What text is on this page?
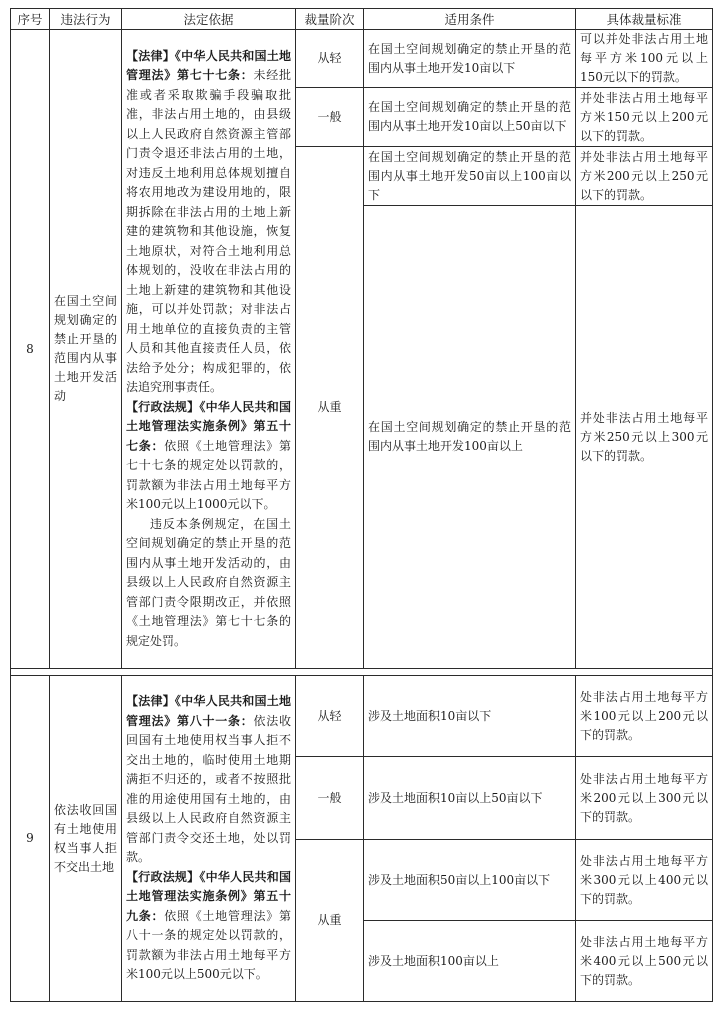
序号	违法行为	法定依据	裁量阶次	适用条件	具体裁量标准
8	在国土空间规划确定的禁止开垦的范围内从事土地开发活动	【法律】《中华人民共和国土地管理法》第七十七条：未经批准或者采取欺骗手段骗取批准，非法占用土地的，由县级以上人民政府自然资源主管部门责令退还非法占用的土地，对违反土地利用总体规划擅自将农用地改为建设用地的，限期拆除在非法占用的土地上新建的建筑物和其他设施，恢复土地原状，对符合土地利用总体规划的，没收在非法占用的土地上新建的建筑物和其他设施，可以并处罚款；对非法占用土地单位的直接负责的主管人员和其他直接责任人员，依法给予处分；构成犯罪的，依法追究刑事责任。
【行政法规】《中华人民共和国土地管理法实施条例》第五十七条：依照《土地管理法》第七十七条的规定处以罚款的，罚款额为非法占用土地每平方米100元以上1000元以下。
违反本条例规定，在国土空间规划确定的禁止开垦的范围内从事土地开发活动的，由县级以上人民政府自然资源主管部门责令限期改正，并依照《土地管理法》第七十七条的规定处罚。	从轻	在国土空间规划确定的禁止开垦的范围内从事土地开发10亩以下	可以并处非法占用土地每平方米100元以上150元以下的罚款。
			一般	在国土空间规划确定的禁止开垦的范围内从事土地开发10亩以上50亩以下	并处非法占用土地每平方米150元以上200元以下的罚款。
			从重	在国土空间规划确定的禁止开垦的范围内从事土地开发50亩以上100亩以下	并处非法占用土地每平方米200元以上250元以下的罚款。
				在国土空间规划确定的禁止开垦的范围内从事土地开发100亩以上	并处非法占用土地每平方米250元以上300元以下的罚款。

9	依法收回国有土地使用权当事人拒不交出土地	【法律】《中华人民共和国土地管理法》第八十一条：依法收回国有土地使用权当事人拒不交出土地的，临时使用土地期满拒不归还的，或者不按照批准的用途使用国有土地的，由县级以上人民政府自然资源主管部门责令交还土地，处以罚款。
【行政法规】《中华人民共和国土地管理法实施条例》第五十九条：依照《土地管理法》第八十一条的规定处以罚款的，罚款额为非法占用土地每平方米100元以上500元以下。	从轻	涉及土地面积10亩以下	处非法占用土地每平方米100元以上200元以下的罚款。
			一般	涉及土地面积10亩以上50亩以下	处非法占用土地每平方米200元以上300元以下的罚款。
			从重	涉及土地面积50亩以上100亩以下	处非法占用土地每平方米300元以上400元以下的罚款。
				涉及土地面积100亩以上	处非法占用土地每平方米400元以上500元以下的罚款。
